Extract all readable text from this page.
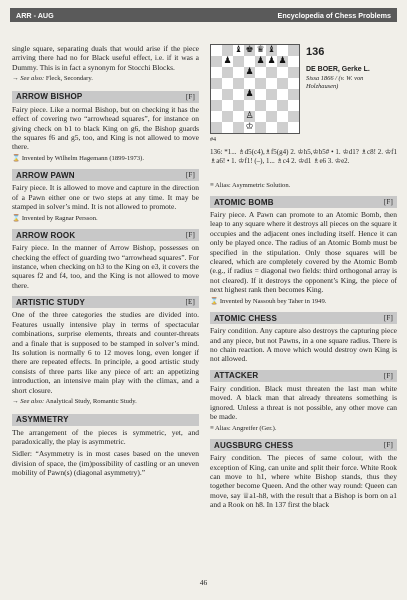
ARR - AUG	Encyclopedia of Chess Problems

single square, separating duals that would arise if the piece arriving there had no for Black useful effect, i.e. if it was a Dummy. This is in fact a synonym for Stocchi Blocks.

→ See also: Fleck, Secondary.
ARROW BISHOP	[F]

Fairy piece. Like a normal Bishop, but on checking it has the effect of covering two “arrowhead squares”, for instance on giving check on b1 to black King on g6, the Bishop guards the squares f6 and g5, too, and King is not allowed to move there.

⌛ Invented by Wilhelm Hagemann (1899-1973).
ARROW PAWN	[F]

Fairy piece. It is allowed to move and capture in the direction of a Pawn either one or two steps at any time. It may be stamped in solver’s mind. It is not allowed to promote.

⌛ Invented by Ragnar Persson.
ARROW ROOK	[F]

Fairy piece. In the manner of Arrow Bishop, possesses on checking the effect of guarding two “arrowhead squares”. For instance, when checking on h3 to the King on e3, it covers the squares f2 and f4, too, and the King is not allowed to move there.

ARTISTIC STUDY	[E]

One of the three categories the studies are divided into. Features usually intensive play in terms of spectacular combinations, surprise elements, threats and counter-threats and a finale that is supposed to be stamped in solver’s mind. Its solution is normally 6 to 12 moves long, even longer if there are repeated effects. In principle, a good artistic study consists of three parts like any piece of art: an appetizing introduction, an intensive main play with the climax, and a short closure.

→ See also: Analytical Study, Romantic Study.
ASYMMETRY

The arrangement of the pieces is symmetric, yet, and paradoxically, the play is asymmetric.

Sidler: “Asymmetry is in most cases based on the uneven division of space, the (im)possibility of castling or an uneven mobility of Pawn(s) (diagonal asymmetry).”

♝ ♚ ♛ ♝
♟	♟ ♟ ♟
♟
♟
♙
♔
136
DE BOER, Gerke L.
Sissa 1866 / (v. W. von Holzhausen)
#4
136: *1... ♗d5(c4),♗f5(g4) 2. ♔h5,♔b5# • 1. ♔d1? ♗c8! 2. ♔f1 ♗a6! • 1. ♔f1! (–), 1... ♗c4 2. ♔d1 ♗e6 3. ♔e2.
≡ Alias: Asymmetric Solution.
ATOMIC BOMB	[F]

Fairy piece. A Pawn can promote to an Atomic Bomb, then leap to any square where it destroys all pieces on the square it occupies and the adjacent ones including itself. Hence it can only be played once. The radius of an Atomic Bomb must be specified in the stipulation. Only those squares will be cleared, which are completely covered by the Atomic Bomb (e.g., if radius = diagonal two fields: third orthogonal array is not cleared). If it destroys the opponent’s King, the piece of next highest rank then becomes King.

⌛ Invented by Nassouh bey Taher in 1949.
ATOMIC CHESS	[F]

Fairy condition. Any capture also destroys the capturing piece and any piece, but not Pawns, in a one square radius. There is no chain reaction. A move which would destroy own King is not allowed.

ATTACKER	[F]

Fairy condition. Black must threaten the last man white moved. A black man that already threatens something is ignored. Unless a threat is not possible, any other move can be made.

≡ Alias: Angreifer (Ger.).
AUGSBURG CHESS	[F]

Fairy condition. The pieces of same colour, with the exception of King, can unite and split their force. White Rook can move to h1, where white Bishop stands, thus they together become Queen. And the other way round: Queen can move, say ♕a1-h8, with the result that a Bishop is born on a1 and a Rook on h8. In 137 first the black

46
